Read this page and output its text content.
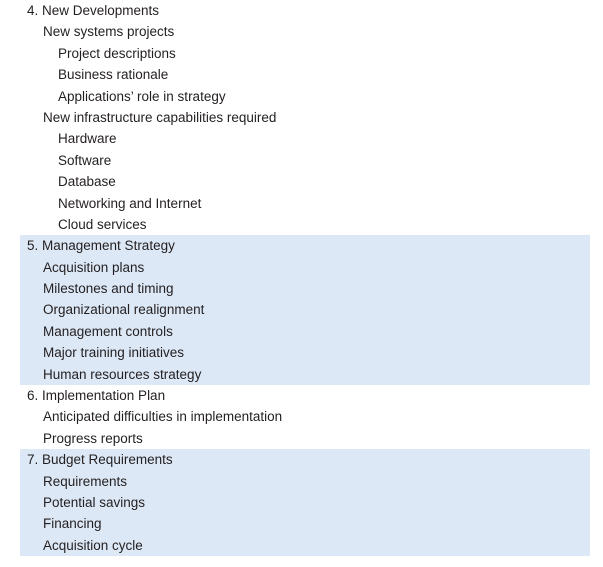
4. New Developments
New systems projects
Project descriptions
Business rationale
Applications’ role in strategy
New infrastructure capabilities required
Hardware
Software
Database
Networking and Internet
Cloud services
5. Management Strategy
Acquisition plans
Milestones and timing
Organizational realignment
Management controls
Major training initiatives
Human resources strategy
6. Implementation Plan
Anticipated difficulties in implementation
Progress reports
7. Budget Requirements
Requirements
Potential savings
Financing
Acquisition cycle
